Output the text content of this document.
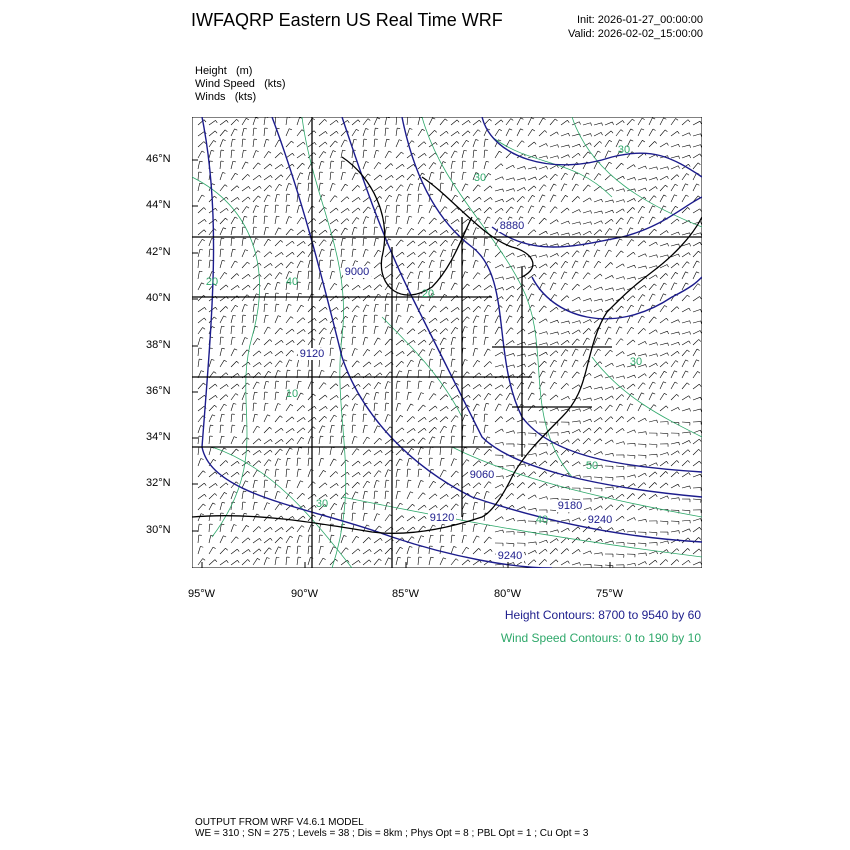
IWFAQRP Eastern US Real Time WRF	Init: 2026-01-27_00:00:00
Valid: 2026-02-02_15:00:00
Height   (m)
Wind Speed   (kts)
Winds   (kts)
8880
9000
9120
9060
9180
9120	9240
9240
30
30
40
20
30
50
40
30
20
10
95°W	90°W	85°W	80°W	75°W
46°N
44°N
42°N
40°N
38°N
36°N
34°N
32°N
30°N
Height Contours: 8700 to 9540 by 60
Wind Speed Contours: 0 to 190 by 10
OUTPUT FROM WRF V4.6.1 MODEL
WE = 310 ; SN = 275 ; Levels = 38 ; Dis = 8km ; Phys Opt = 8 ; PBL Opt = 1 ; Cu Opt = 3
